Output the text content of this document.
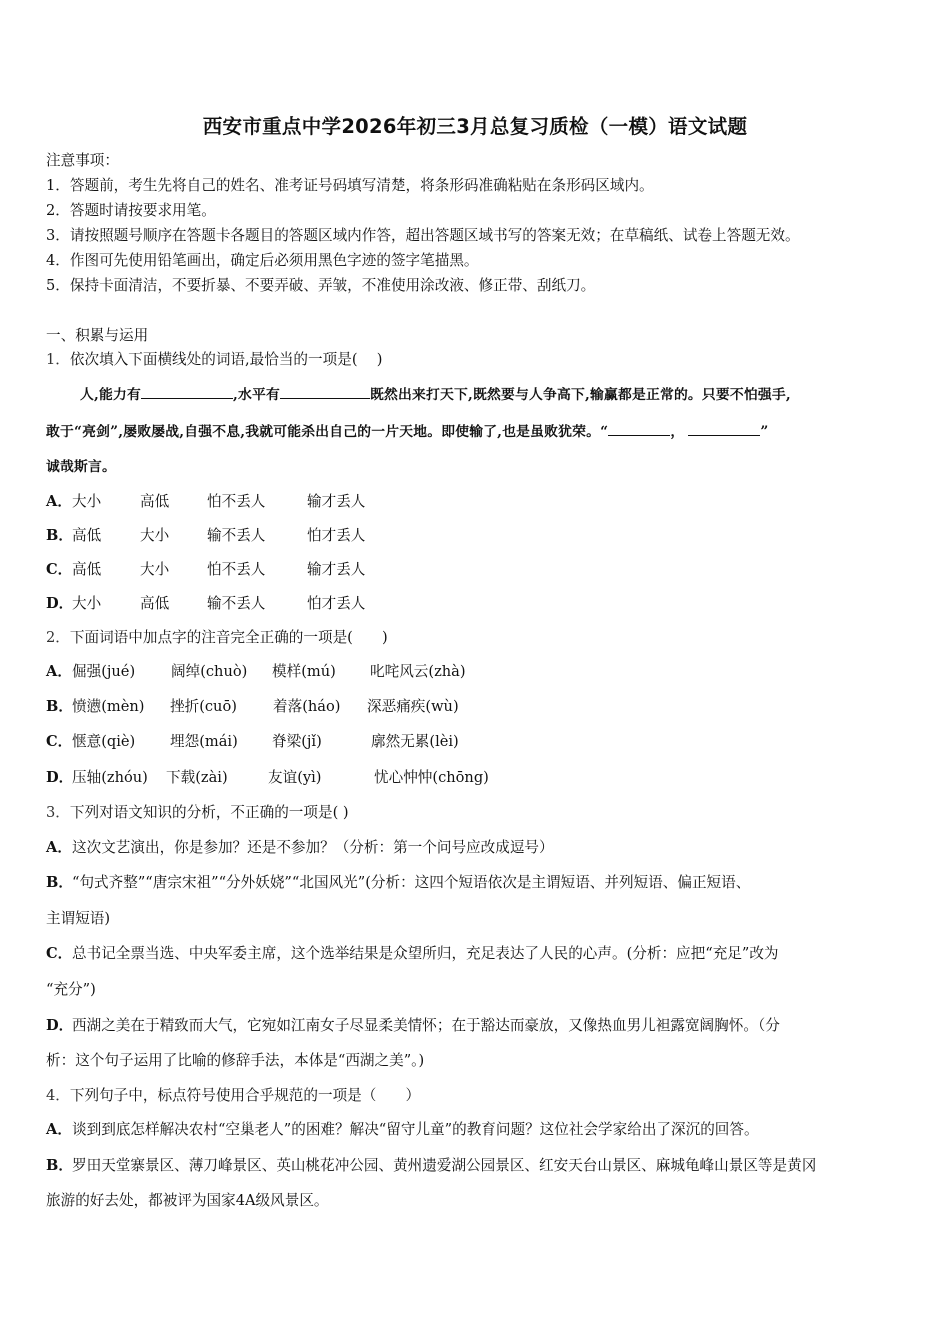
西安市重点中学2026年初三3月总复习质检（一模）语文试题
注意事项：
1．答题前，考生先将自己的姓名、准考证号码填写清楚，将条形码准确粘贴在条形码区域内。
2．答题时请按要求用笔。
3．请按照题号顺序在答题卡各题目的答题区域内作答，超出答题区域书写的答案无效；在草稿纸、试卷上答题无效。
4．作图可先使用铅笔画出，确定后必须用黑色字迹的签字笔描黑。
5．保持卡面清洁，不要折暴、不要弄破、弄皱，不准使用涂改液、修正带、刮纸刀。
一、积累与运用
1．依次填入下面横线处的词语,最恰当的一项是(　 )
人,能力有	,水平有	既然出来打天下,既然要与人争高下,输赢都是正常的。只要不怕强手,
敢于“亮剑”,屡败屡战,自强不息,我就可能杀出自己的一片天地。即使输了,也是虽败犹荣。“	，	”
诚哉斯言。
A．大小	高低	怕不丢人	输才丢人
B．高低	大小	输不丢人	怕才丢人
C．高低	大小	怕不丢人	输才丢人
D．大小	高低	输不丢人	怕才丢人
2．下面词语中加点字的注音完全正确的一项是(　　)
A．倔强(jué) 阔绰(chuò) 模样(mú) 叱咤风云(zhà)
B．愤懑(mèn) 挫折(cuō) 着落(háo) 深恶痛疾(wù)
C．惬意(qiè) 埋怨(mái) 脊梁(jǐ)	廓然无累(lèi)
D．压轴(zhóu) 下载(zài)	友谊(yì)	忧心忡忡(chōng)
3．下列对语文知识的分析，不正确的一项是( )
A．这次文艺演出，你是参加？还是不参加？（分析：第一个问号应改成逗号）
B．“句式齐整”“唐宗宋祖”“分外妖娆”“北国风光”(分析：这四个短语依次是主谓短语、并列短语、偏正短语、
主谓短语)
C．总书记全票当选、中央军委主席，这个选举结果是众望所归，充足表达了人民的心声。(分析：应把“充足”改为
“充分”)
D．西湖之美在于精致而大气，它宛如江南女子尽显柔美情怀；在于豁达而豪放，又像热血男儿袒露宽阔胸怀。（分
析：这个句子运用了比喻的修辞手法，本体是“西湖之美”。)
4．下列句子中，标点符号使用合乎规范的一项是（　　）
A．谈到到底怎样解决农村“空巢老人”的困难？解决“留守儿童”的教育问题？这位社会学家给出了深沉的回答。
B．罗田天堂寨景区、薄刀峰景区、英山桃花冲公园、黄州遗爱湖公园景区、红安天台山景区、麻城龟峰山景区等是黄冈
旅游的好去处，都被评为国家4A级风景区。
